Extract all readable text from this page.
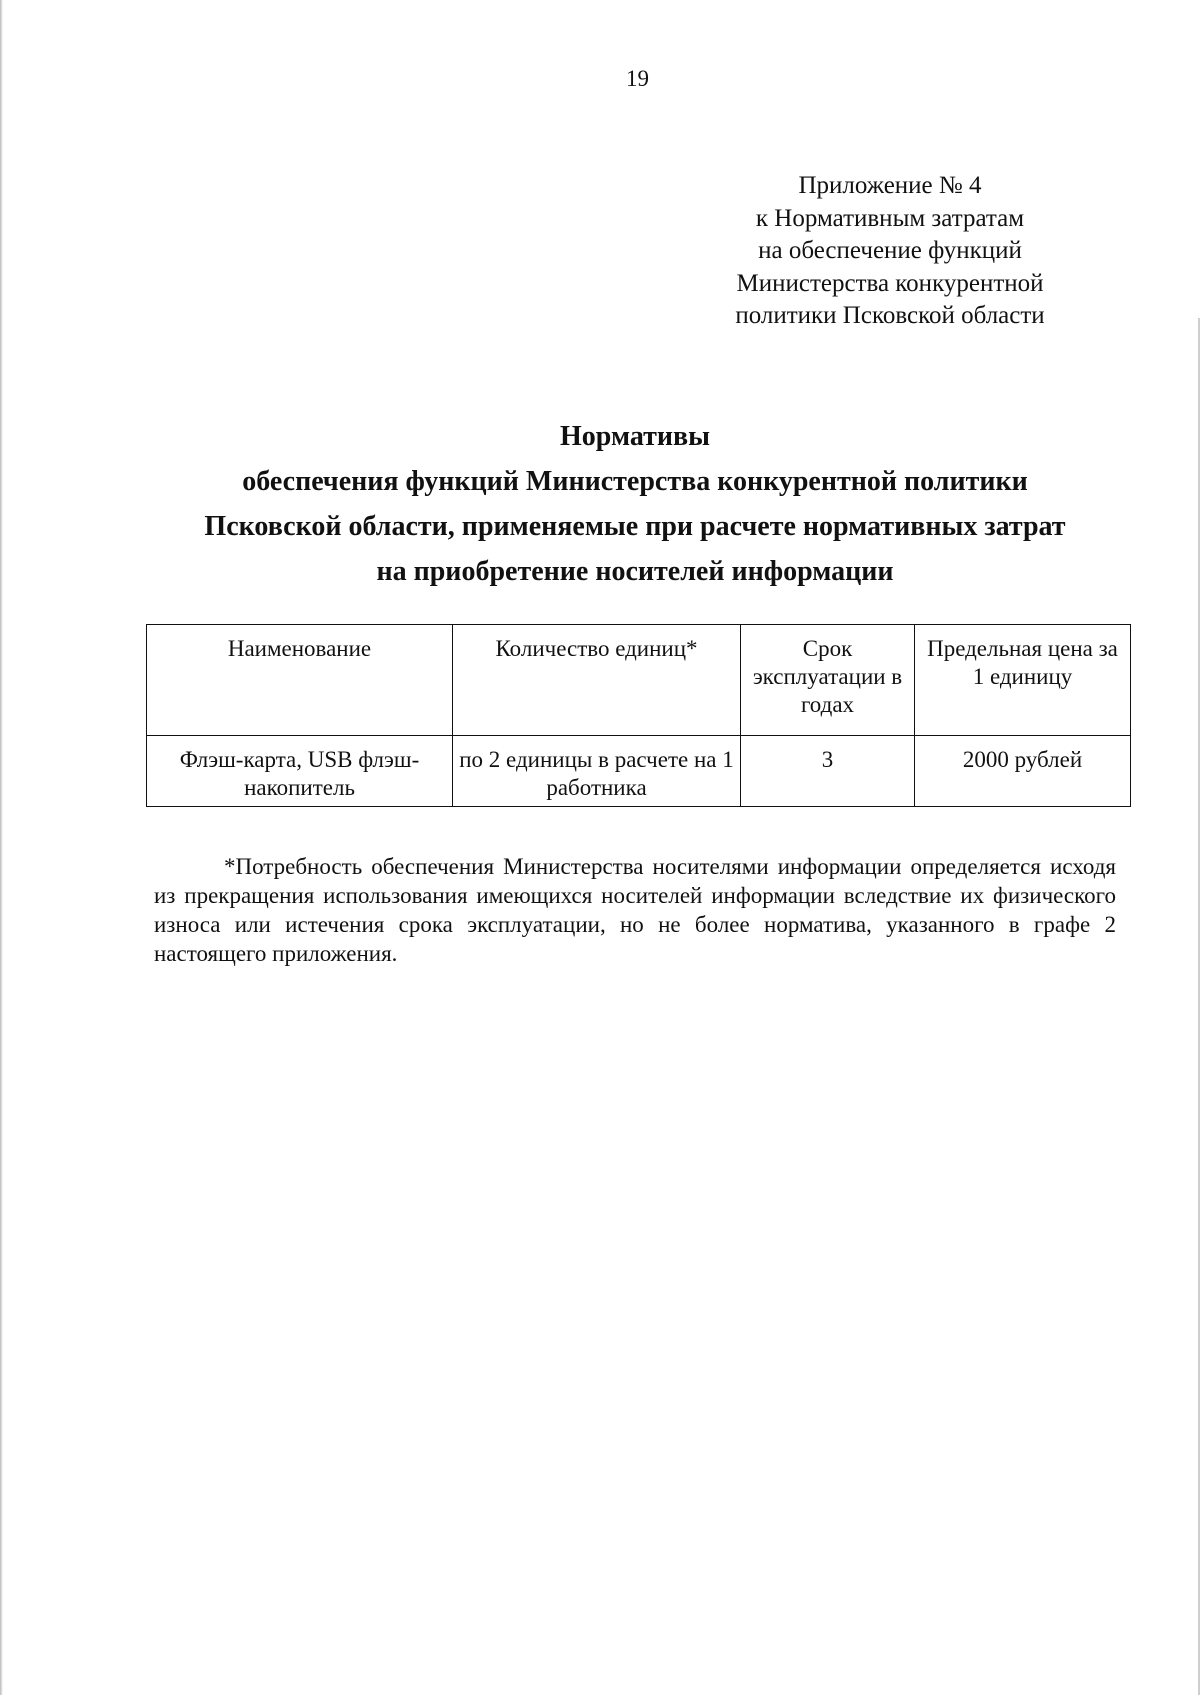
19
Приложение № 4
к Нормативным затратам
на обеспечение функций
Министерства конкурентной
политики Псковской области
Нормативы
обеспечения функций Министерства конкурентной политики
Псковской области, применяемые при расчете нормативных затрат
на приобретение носителей информации
Наименование	Количество единиц*	Срок эксплуатации в годах	Предельная цена за 1 единицу
Флэш-карта, USB флэш-накопитель	по 2 единицы в расчете на 1 работника	3	2000 рублей
*Потребность обеспечения Министерства носителями информации определяется исходя из прекращения использования имеющихся носителей информации вследствие их физического износа или истечения срока эксплуатации, но не более норматива, указанного в графе 2 настоящего приложения.
